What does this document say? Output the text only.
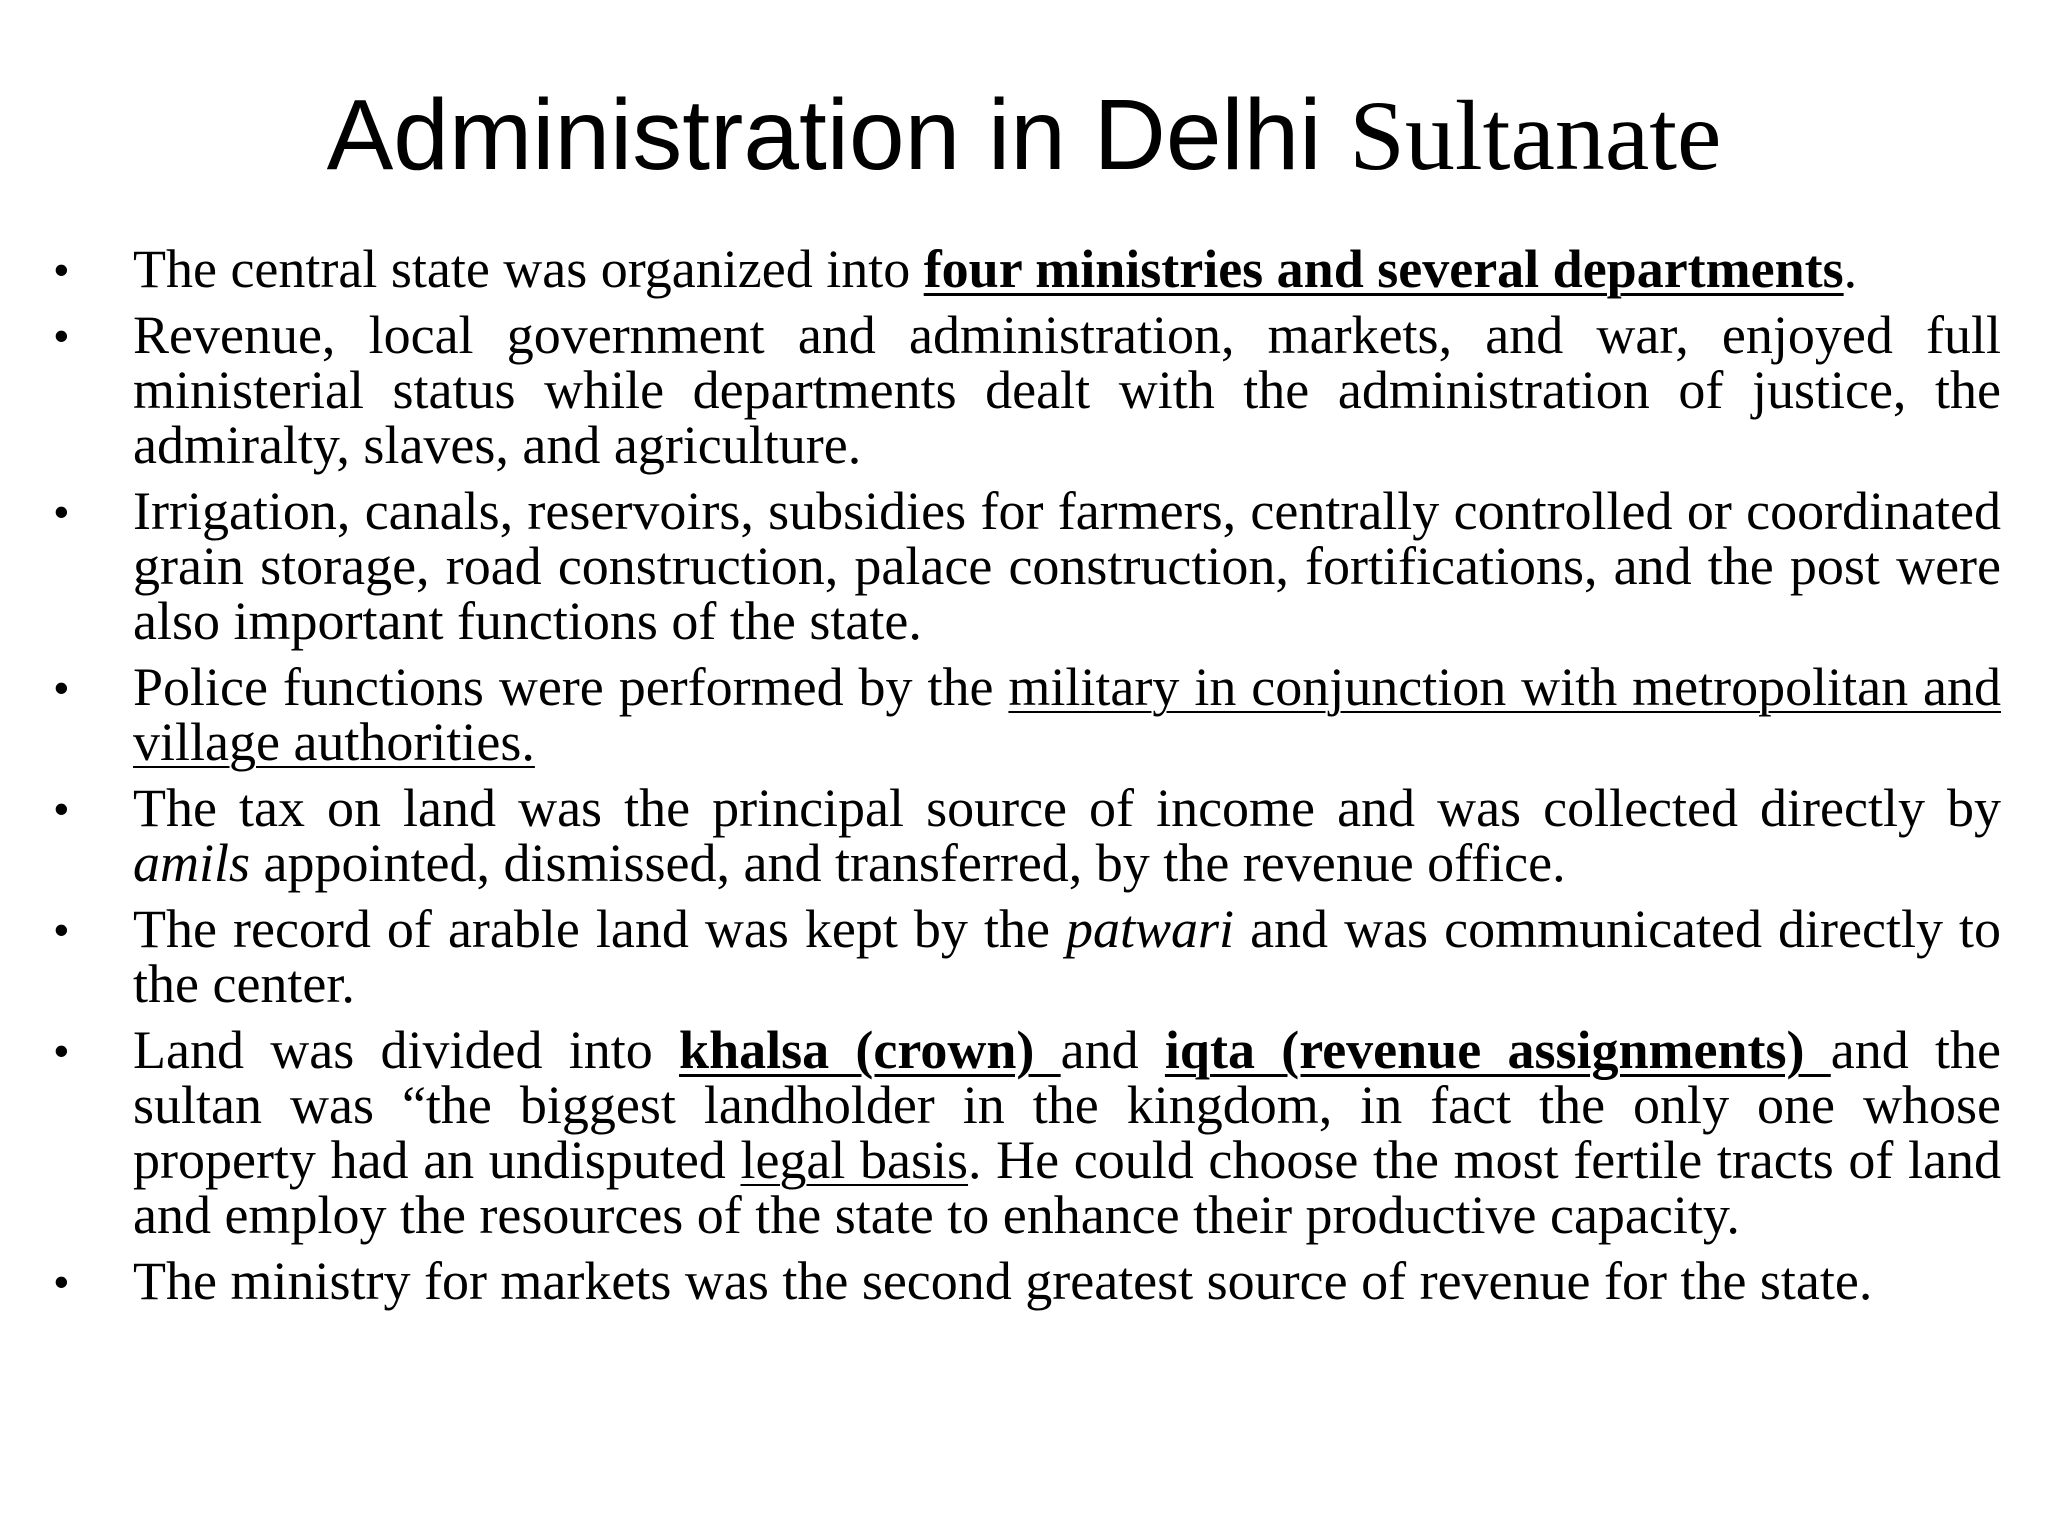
Administration in Delhi Sultanate
• The central state was organized into four ministries and several departments.
• Revenue, local government and administration, markets, and war, enjoyed full ministerial status while departments dealt with the administration of justice, the admiralty, slaves, and agriculture.
• Irrigation, canals, reservoirs, subsidies for farmers, centrally controlled or coordinated grain storage, road construction, palace construction, fortifications, and the post were also important functions of the state.
• Police functions were performed by the military in conjunction with metropolitan and village authorities.
• The tax on land was the principal source of income and was collected directly by amils appointed, dismissed, and transferred, by the revenue office.
• The record of arable land was kept by the patwari and was communicated directly to the center.
• Land was divided into khalsa (crown) and iqta (revenue assignments) and the sultan was “the biggest landholder in the kingdom, in fact the only one whose property had an undisputed legal basis. He could choose the most fertile tracts of land and employ the resources of the state to enhance their productive capacity.
• The ministry for markets was the second greatest source of revenue for the state.
